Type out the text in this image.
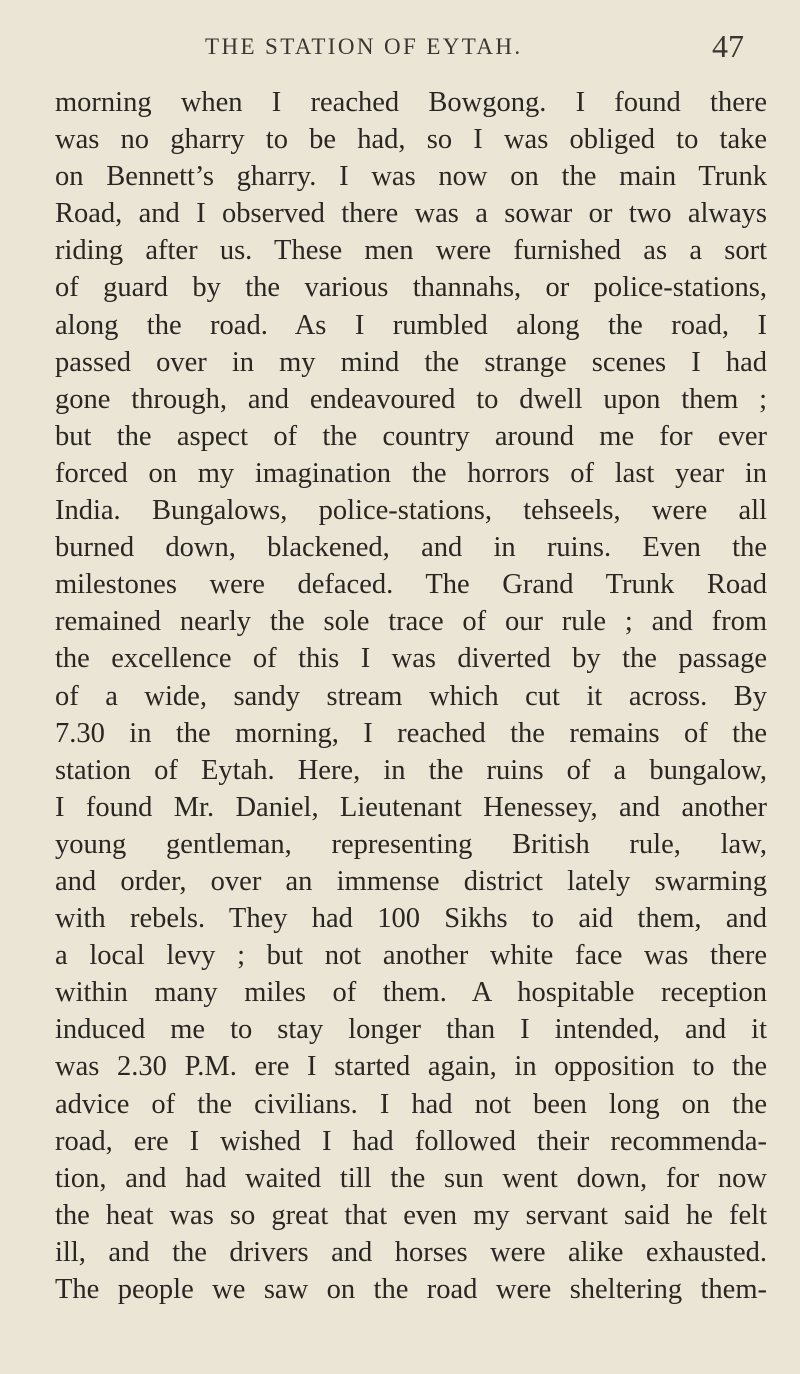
THE STATION OF EYTAH.	47
morning when I reached Bowgong. I found there
was no gharry to be had, so I was obliged to take
on Bennett’s gharry. I was now on the main Trunk
Road, and I observed there was a sowar or two always
riding after us. These men were furnished as a sort
of guard by the various thannahs, or police-stations,
along the road. As I rumbled along the road, I
passed over in my mind the strange scenes I had
gone through, and endeavoured to dwell upon them ;
but the aspect of the country around me for ever
forced on my imagination the horrors of last year in
India. Bungalows, police-stations, tehseels, were all
burned down, blackened, and in ruins. Even the
milestones were defaced. The Grand Trunk Road
remained nearly the sole trace of our rule ; and from
the excellence of this I was diverted by the passage
of a wide, sandy stream which cut it across. By
7.30 in the morning, I reached the remains of the
station of Eytah. Here, in the ruins of a bungalow,
I found Mr. Daniel, Lieutenant Henessey, and another
young gentleman, representing British rule, law,
and order, over an immense district lately swarming
with rebels. They had 100 Sikhs to aid them, and
a local levy ; but not another white face was there
within many miles of them. A hospitable reception
induced me to stay longer than I intended, and it
was 2.30 P.M. ere I started again, in opposition to the
advice of the civilians. I had not been long on the
road, ere I wished I had followed their recommenda-
tion, and had waited till the sun went down, for now
the heat was so great that even my servant said he felt
ill, and the drivers and horses were alike exhausted.
The people we saw on the road were sheltering them-
